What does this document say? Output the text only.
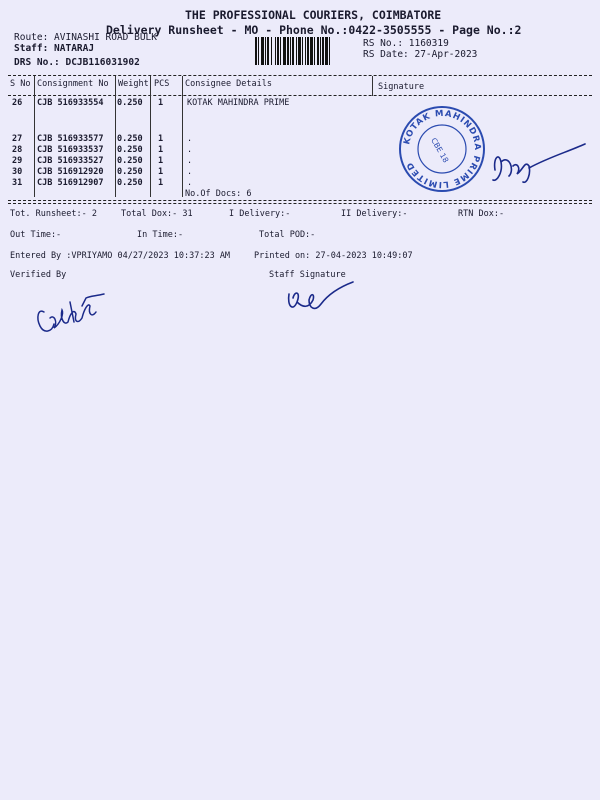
THE PROFESSIONAL COURIERS, COIMBATORE
Delivery Runsheet - MO - Phone No.:0422-3505555 - Page No.:2
Route: AVINASHI ROAD BULK
Staff: NATARAJ
DRS No.: DCJB116031902
RS No.: 1160319
RS Date: 27-Apr-2023
S No Consignment No Weight PCS Consignee Details	Signature
26 CJB 516933554 0.250 1	KOTAK MAHINDRA PRIME
27 CJB 516933577 0.250 1	.
28 CJB 516933537 0.250 1	.
29 CJB 516933527 0.250 1	.
30 CJB 516912920 0.250 1	.
31 CJB 516912907 0.250 1	.
No.Of Docs: 6
KOTAK MAHINDRA PRIME LIMITED
CBE 18
Tot. Runsheet:- 2	Total Dox:- 31	I Delivery:-	II Delivery:-	RTN Dox:-
Out Time:-	In Time:-	Total POD:-
Entered By :VPRIYAMO 04/27/2023 10:37:23 AM	Printed on: 27-04-2023 10:49:07
Verified By	Staff Signature
